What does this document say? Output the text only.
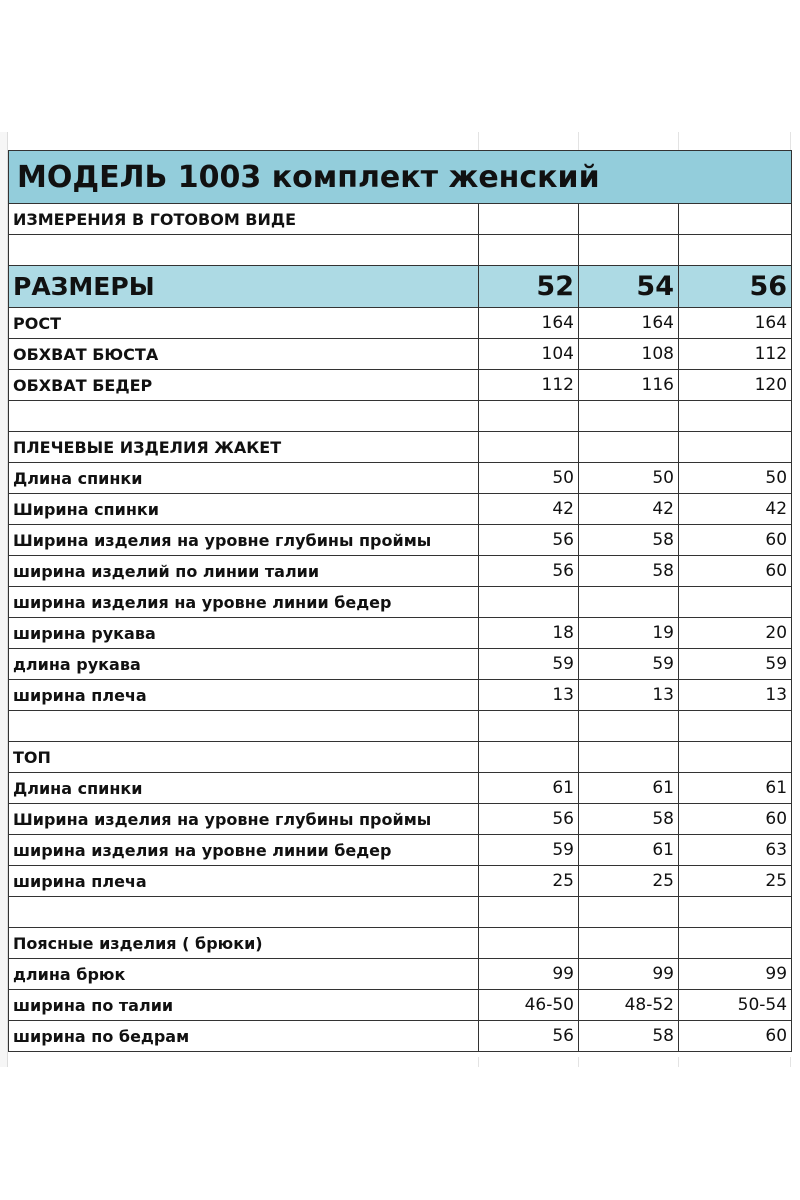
МОДЕЛЬ 1003 комплект женский			
ИЗМЕРЕНИЯ В ГОТОВОМ ВИДЕ			

РАЗМЕРЫ	52	54	56
РОСТ	164	164	164
ОБХВАТ БЮСТА	104	108	112
ОБХВАТ БЕДЕР	112	116	120

ПЛЕЧЕВЫЕ ИЗДЕЛИЯ ЖАКЕТ			
Длина спинки	50	50	50
Ширина спинки	42	42	42
Ширина изделия на уровне глубины проймы	56	58	60
ширина изделий по линии талии	56	58	60
ширина изделия на уровне линии бедер			
ширина рукава	18	19	20
длина рукава	59	59	59
ширина плеча	13	13	13

ТОП			
Длина спинки	61	61	61
Ширина изделия на уровне глубины проймы	56	58	60
ширина изделия на уровне линии бедер	59	61	63
ширина плеча	25	25	25

Поясные изделия ( брюки)			
длина брюк	99	99	99
ширина по талии	46-50	48-52	50-54
ширина по бедрам	56	58	60
